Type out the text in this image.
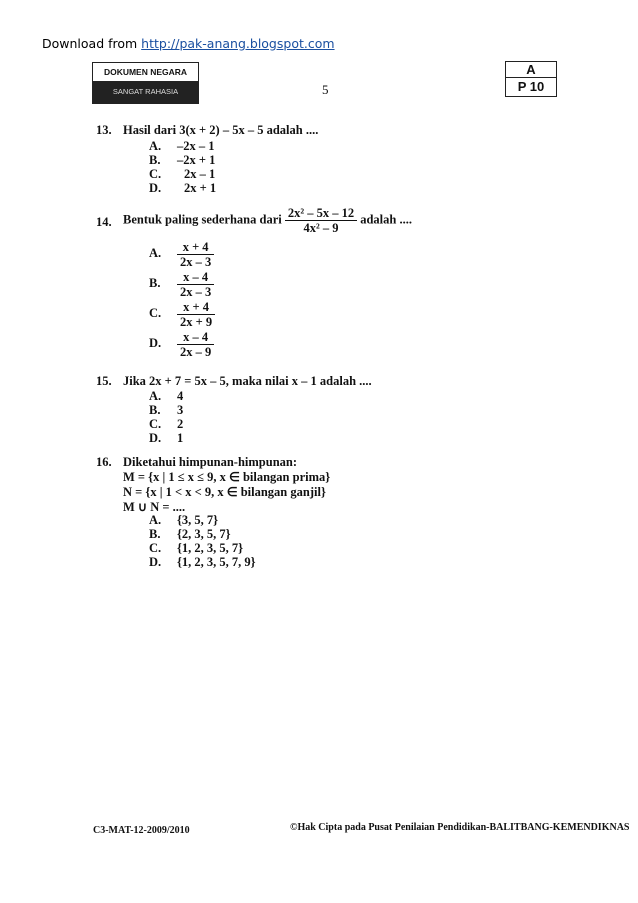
Download from http://pak-anang.blogspot.com
DOKUMEN NEGARA
SANGAT RAHASIA	5
A
P 10
13. Hasil dari 3(x + 2) – 5x – 5 adalah ....
A. –2x – 1
B. –2x + 1
C. 2x – 1
D. 2x + 1
14. Bentuk paling sederhana dari $\frac{\text{2x² – 5x – 12}}{\text{4x² – 9}}$ adalah ....
A. $\frac{x + 4}{2x - 3}$
B. $\frac{x - 4}{2x - 3}$
C. $\frac{x + 4}{2x + 9}$
D. $\frac{x - 4}{2x - 9}$
15. Jika 2x + 7 = 5x – 5, maka nilai x – 1 adalah ....
A. 4
B. 3
C. 2
D. 1
16. Diketahui himpunan-himpunan:
M = {x | 1 ≤ x ≤ 9, x ∈ bilangan prima}
N = {x | 1 < x < 9, x ∈ bilangan ganjil}
M ∪ N = ....
A. {3, 5, 7}
B. {2, 3, 5, 7}
C. {1, 2, 3, 5, 7}
D. {1, 2, 3, 5, 7, 9}
C3-MAT-12-2009/2010	©Hak Cipta pada Pusat Penilaian Pendidikan-BALITBANG-KEMENDIKNAS
